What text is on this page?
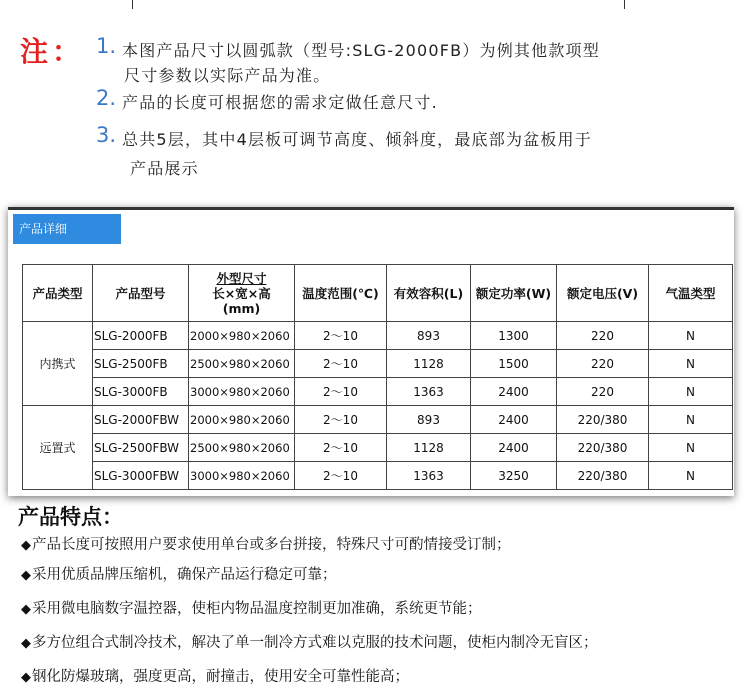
注： 1. 本图产品尺寸以圆弧款（型号:SLG-2000FB）为例其他款项型
尺寸参数以实际产品为准。
2. 产品的长度可根据您的需求定做任意尺寸.
3. 总共5层，其中4层板可调节高度、倾斜度，最底部为盆板用于
产品展示
产品详细
产品类型	产品型号	外型尺寸
长×宽×高
(mm)	温度范围(℃)	有效容积(L)	额定功率(W)	额定电压(V)	气温类型
内携式	SLG-2000FB	2000×980×2060	2～10	893	1300	220	N
	SLG-2500FB	2500×980×2060	2～10	1128	1500	220	N
	SLG-3000FB	3000×980×2060	2～10	1363	2400	220	N
远置式	SLG-2000FBW	2000×980×2060	2～10	893	2400	220/380	N
	SLG-2500FBW	2500×980×2060	2～10	1128	2400	220/380	N
	SLG-3000FBW	3000×980×2060	2～10	1363	3250	220/380	N
产品特点：
◆产品长度可按照用户要求使用单台或多台拼接，特殊尺寸可酌情接受订制；
◆采用优质品牌压缩机，确保产品运行稳定可靠；
◆采用微电脑数字温控器，使柜内物品温度控制更加准确，系统更节能；
◆多方位组合式制冷技术，解决了单一制冷方式难以克服的技术问题，使柜内制冷无盲区；
◆钢化防爆玻璃，强度更高，耐撞击，使用安全可靠性能高；
